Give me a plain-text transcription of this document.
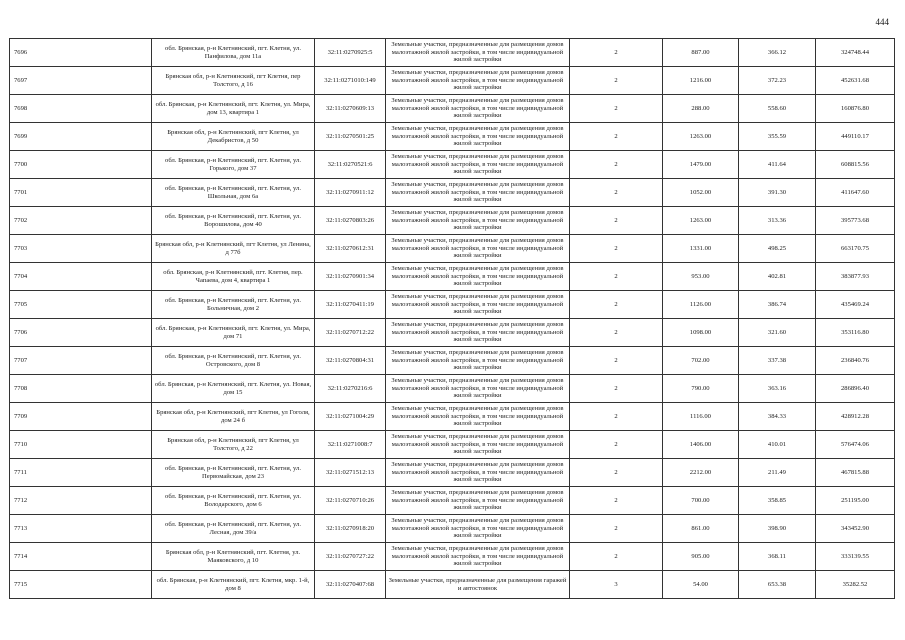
444
7696	обл. Брянская, р-н Клетнянский, пгт. Клетня, ул. Панфилова, дом 11а	32:11:0270925:5	Земельные участки, предназначенные для размещения домов малоэтажной жилой застройки, в том числе индивидуальной жилой застройки	2	887.00	366.12	324748.44
7697	Брянская обл, р-н Клетнянский, пгт Клетня, пер Толстого, д 16	32:11:0271010:149	Земельные участки, предназначенные для размещения домов малоэтажной жилой застройки, в том числе индивидуальной жилой застройки	2	1216.00	372.23	452631.68
7698	обл. Брянская, р-н Клетнянский, пгт. Клетня, ул. Мира, дом 13, квартира 1	32:11:0270609:13	Земельные участки, предназначенные для размещения домов малоэтажной жилой застройки, в том числе индивидуальной жилой застройки	2	288.00	558.60	160876.80
7699	Брянская обл, р-н Клетнянский, пгт Клетня, ул Декабристов, д 50	32:11:0270501:25	Земельные участки, предназначенные для размещения домов малоэтажной жилой застройки, в том числе индивидуальной жилой застройки	2	1263.00	355.59	449110.17
7700	обл. Брянская, р-н Клетнянский, пгт. Клетня, ул. Горького, дом 37	32:11:0270521:6	Земельные участки, предназначенные для размещения домов малоэтажной жилой застройки, в том числе индивидуальной жилой застройки	2	1479.00	411.64	608815.56
7701	обл. Брянская, р-н Клетнянский, пгт. Клетня, ул. Школьная, дом 6а	32:11:0270911:12	Земельные участки, предназначенные для размещения домов малоэтажной жилой застройки, в том числе индивидуальной жилой застройки	2	1052.00	391.30	411647.60
7702	обл. Брянская, р-н Клетнянский, пгт. Клетня, ул. Ворошилова, дом 40	32:11:0270803:26	Земельные участки, предназначенные для размещения домов малоэтажной жилой застройки, в том числе индивидуальной жилой застройки	2	1263.00	313.36	395773.68
7703	Брянская обл, р-н Клетнянский, пгт Клетня, ул Ленина, д 77б	32:11:0270612:31	Земельные участки, предназначенные для размещения домов малоэтажной жилой застройки, в том числе индивидуальной жилой застройки	2	1331.00	498.25	663170.75
7704	обл. Брянская, р-н Клетнянский, пгт. Клетня, пер. Чапаева, дом 4, квартира 1	32:11:0270901:34	Земельные участки, предназначенные для размещения домов малоэтажной жилой застройки, в том числе индивидуальной жилой застройки	2	953.00	402.81	383877.93
7705	обл. Брянская, р-н Клетнянский, пгт. Клетня, ул. Больничная, дом 2	32:11:0270411:19	Земельные участки, предназначенные для размещения домов малоэтажной жилой застройки, в том числе индивидуальной жилой застройки	2	1126.00	386.74	435469.24
7706	обл. Брянская, р-н Клетнянский, пгт. Клетня, ул. Мира, дом 71	32:11:0270712:22	Земельные участки, предназначенные для размещения домов малоэтажной жилой застройки, в том числе индивидуальной жилой застройки	2	1098.00	321.60	353116.80
7707	обл. Брянская, р-н Клетнянский, пгт. Клетня, ул. Островского, дом 8	32:11:0270804:31	Земельные участки, предназначенные для размещения домов малоэтажной жилой застройки, в том числе индивидуальной жилой застройки	2	702.00	337.38	236840.76
7708	обл. Брянская, р-н Клетнянский, пгт. Клетня, ул. Новая, дом 15	32:11:0270216:6	Земельные участки, предназначенные для размещения домов малоэтажной жилой застройки, в том числе индивидуальной жилой застройки	2	790.00	363.16	286896.40
7709	Брянская обл, р-н Клетнянский, пгт Клетня, ул Гоголя, дом 24 б	32:11:0271004:29	Земельные участки, предназначенные для размещения домов малоэтажной жилой застройки, в том числе индивидуальной жилой застройки	2	1116.00	384.33	428912.28
7710	Брянская обл, р-н Клетнянский, пгт Клетня, ул Толстого, д 22	32:11:0271008:7	Земельные участки, предназначенные для размещения домов малоэтажной жилой застройки, в том числе индивидуальной жилой застройки	2	1406.00	410.01	576474.06
7711	обл. Брянская, р-н Клетнянский, пгт. Клетня, ул. Первомайская, дом 23	32:11:0271512:13	Земельные участки, предназначенные для размещения домов малоэтажной жилой застройки, в том числе индивидуальной жилой застройки	2	2212.00	211.49	467815.88
7712	обл. Брянская, р-н Клетнянский, пгт. Клетня, ул. Володарского, дом 6	32:11:0270710:26	Земельные участки, предназначенные для размещения домов малоэтажной жилой застройки, в том числе индивидуальной жилой застройки	2	700.00	358.85	251195.00
7713	обл. Брянская, р-н Клетнянский, пгт. Клетня, ул. Лесная, дом 39/а	32:11:0270918:20	Земельные участки, предназначенные для размещения домов малоэтажной жилой застройки, в том числе индивидуальной жилой застройки	2	861.00	398.90	343452.90
7714	Брянская обл, р-н Клетнянский, пгт. Клетня, ул. Маяковского, д 10	32:11:0270727:22	Земельные участки, предназначенные для размещения домов малоэтажной жилой застройки, в том числе индивидуальной жилой застройки	2	905.00	368.11	333139.55
7715	обл. Брянская, р-н Клетнянский, пгт. Клетня, мкр. 1-й, дом 8	32:11:0270407:68	Земельные участки, предназначенные для размещения гаражей и автостоянок	3	54.00	653.38	35282.52
